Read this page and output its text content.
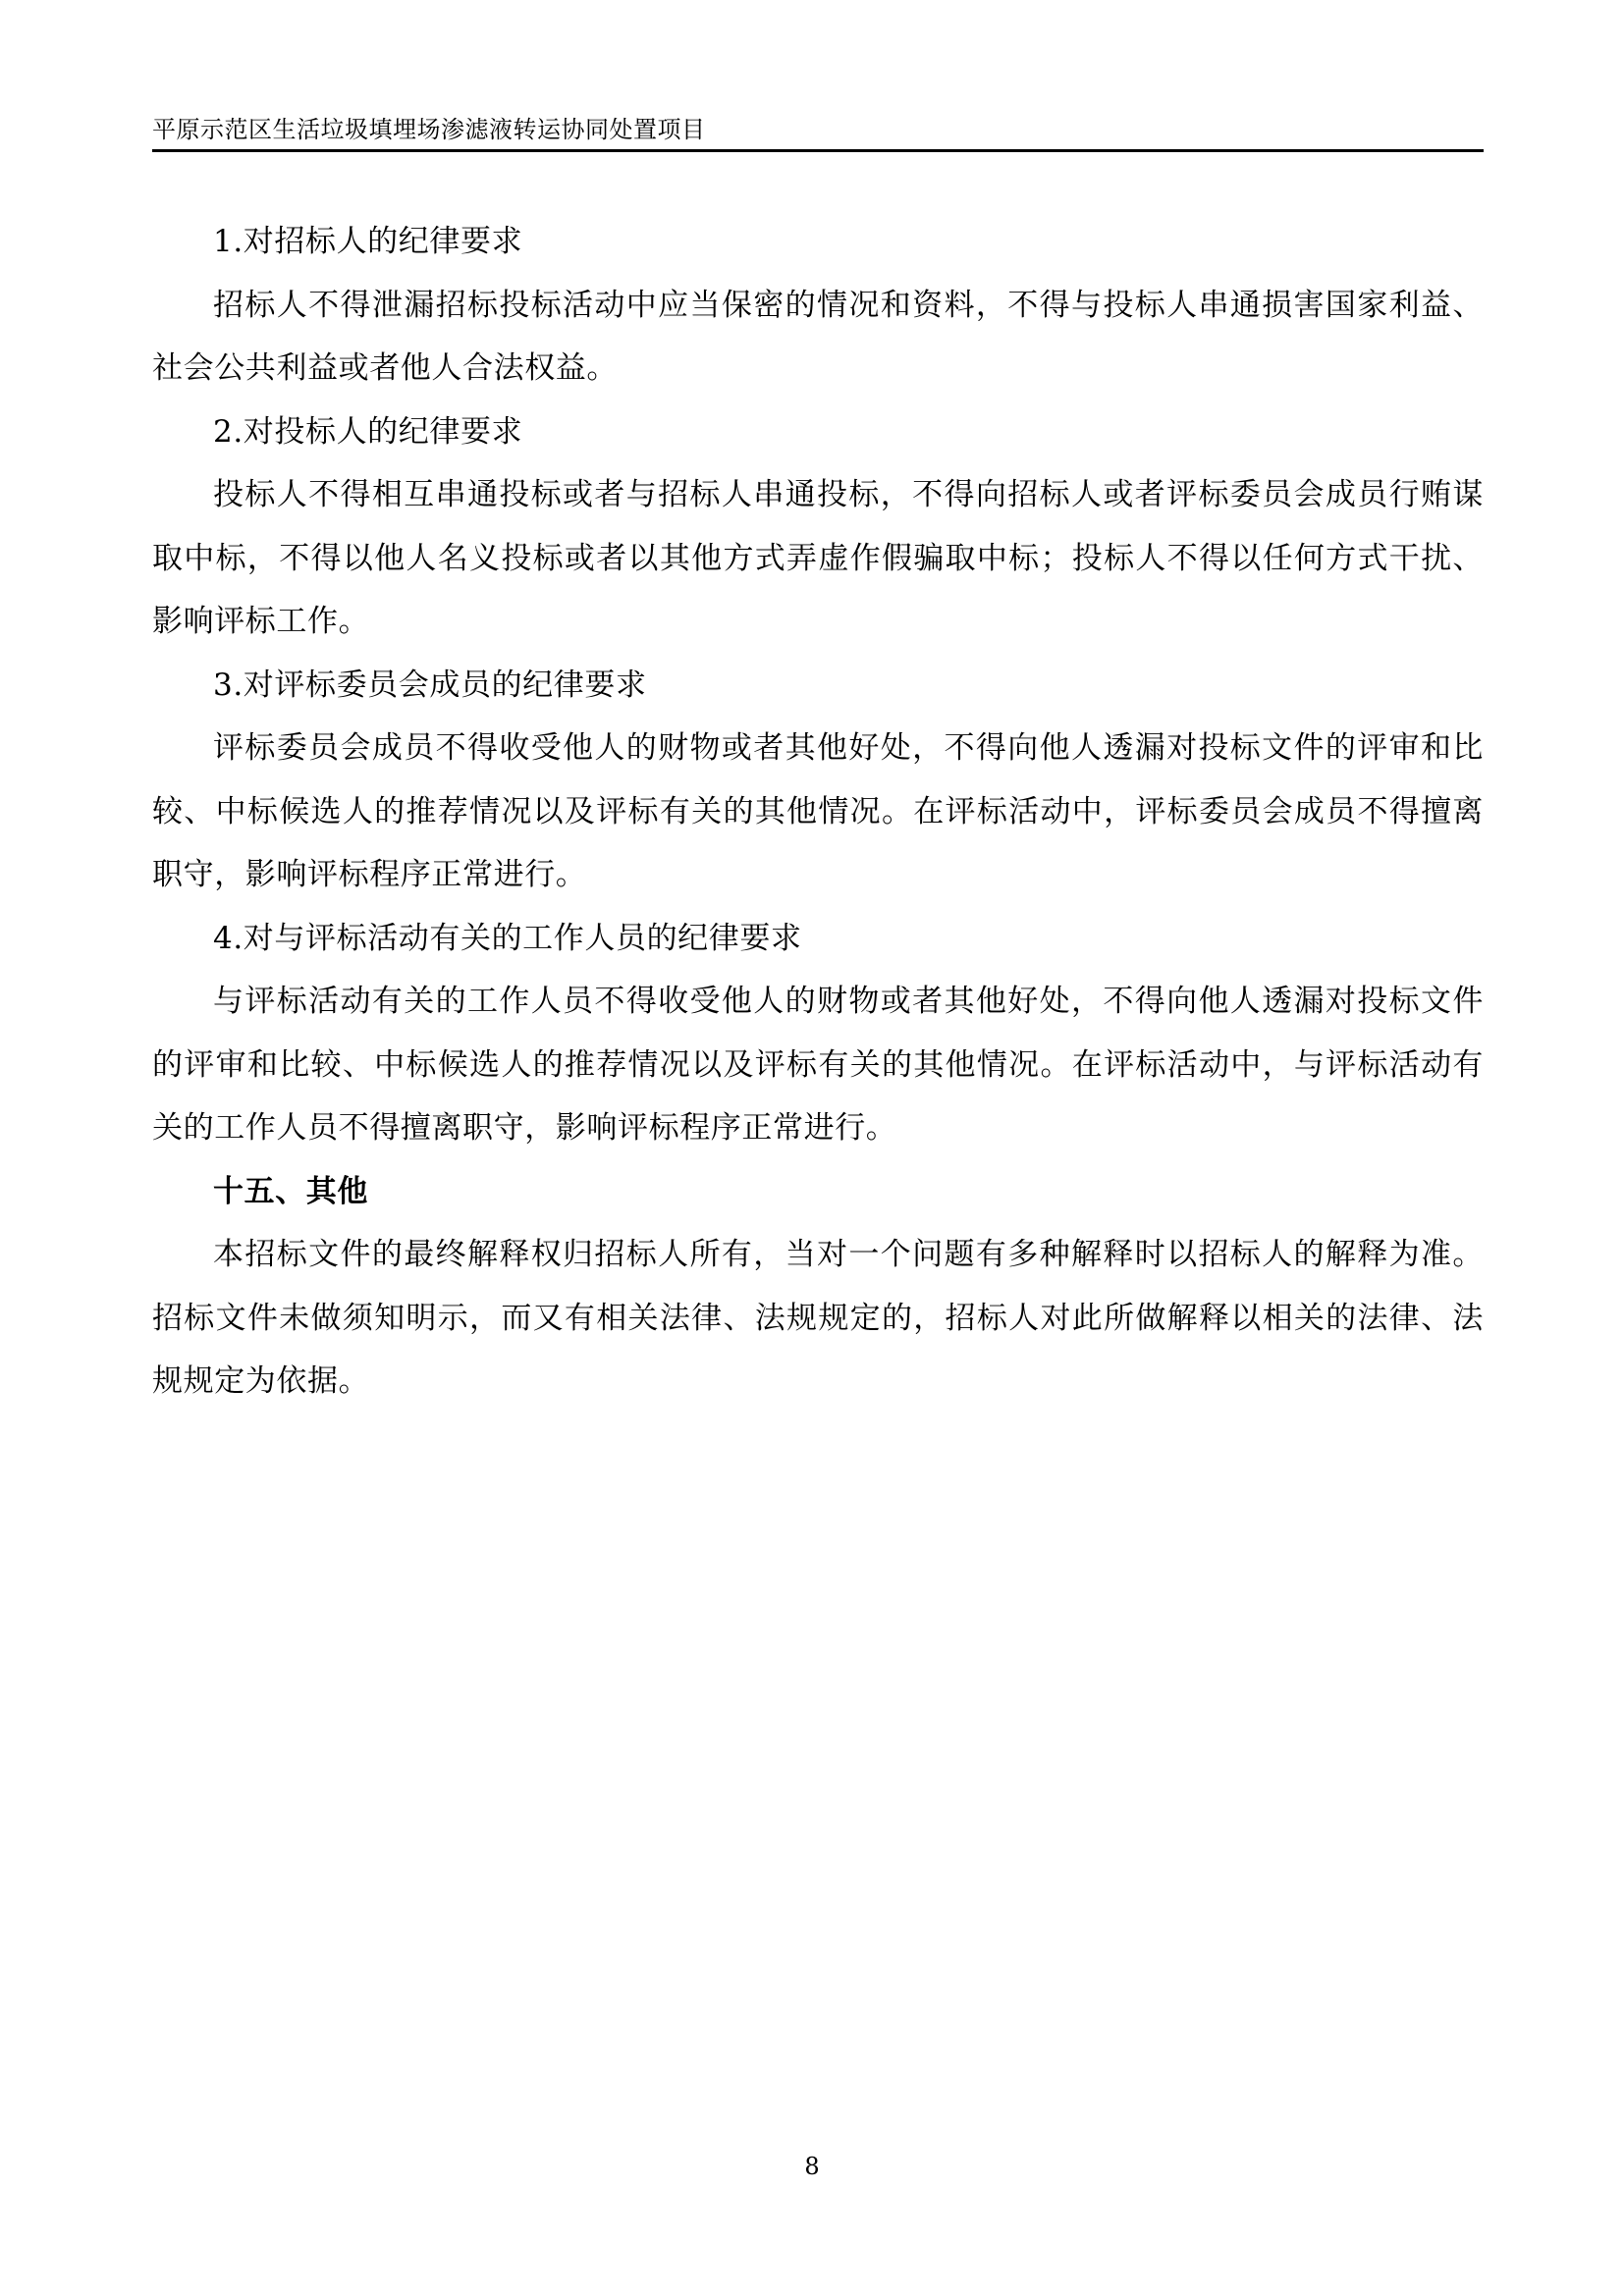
平原示范区生活垃圾填埋场渗滤液转运协同处置项目

1.对招标人的纪律要求

招标人不得泄漏招标投标活动中应当保密的情况和资料，不得与投标人串通损害国家利益、社会公共利益或者他人合法权益。

2.对投标人的纪律要求

投标人不得相互串通投标或者与招标人串通投标，不得向招标人或者评标委员会成员行贿谋取中标，不得以他人名义投标或者以其他方式弄虚作假骗取中标；投标人不得以任何方式干扰、影响评标工作。

3.对评标委员会成员的纪律要求

评标委员会成员不得收受他人的财物或者其他好处，不得向他人透漏对投标文件的评审和比较、中标候选人的推荐情况以及评标有关的其他情况。在评标活动中，评标委员会成员不得擅离职守，影响评标程序正常进行。

4.对与评标活动有关的工作人员的纪律要求

与评标活动有关的工作人员不得收受他人的财物或者其他好处，不得向他人透漏对投标文件的评审和比较、中标候选人的推荐情况以及评标有关的其他情况。在评标活动中，与评标活动有关的工作人员不得擅离职守，影响评标程序正常进行。

十五、其他

本招标文件的最终解释权归招标人所有，当对一个问题有多种解释时以招标人的解释为准。招标文件未做须知明示，而又有相关法律、法规规定的，招标人对此所做解释以相关的法律、法规规定为依据。

8
